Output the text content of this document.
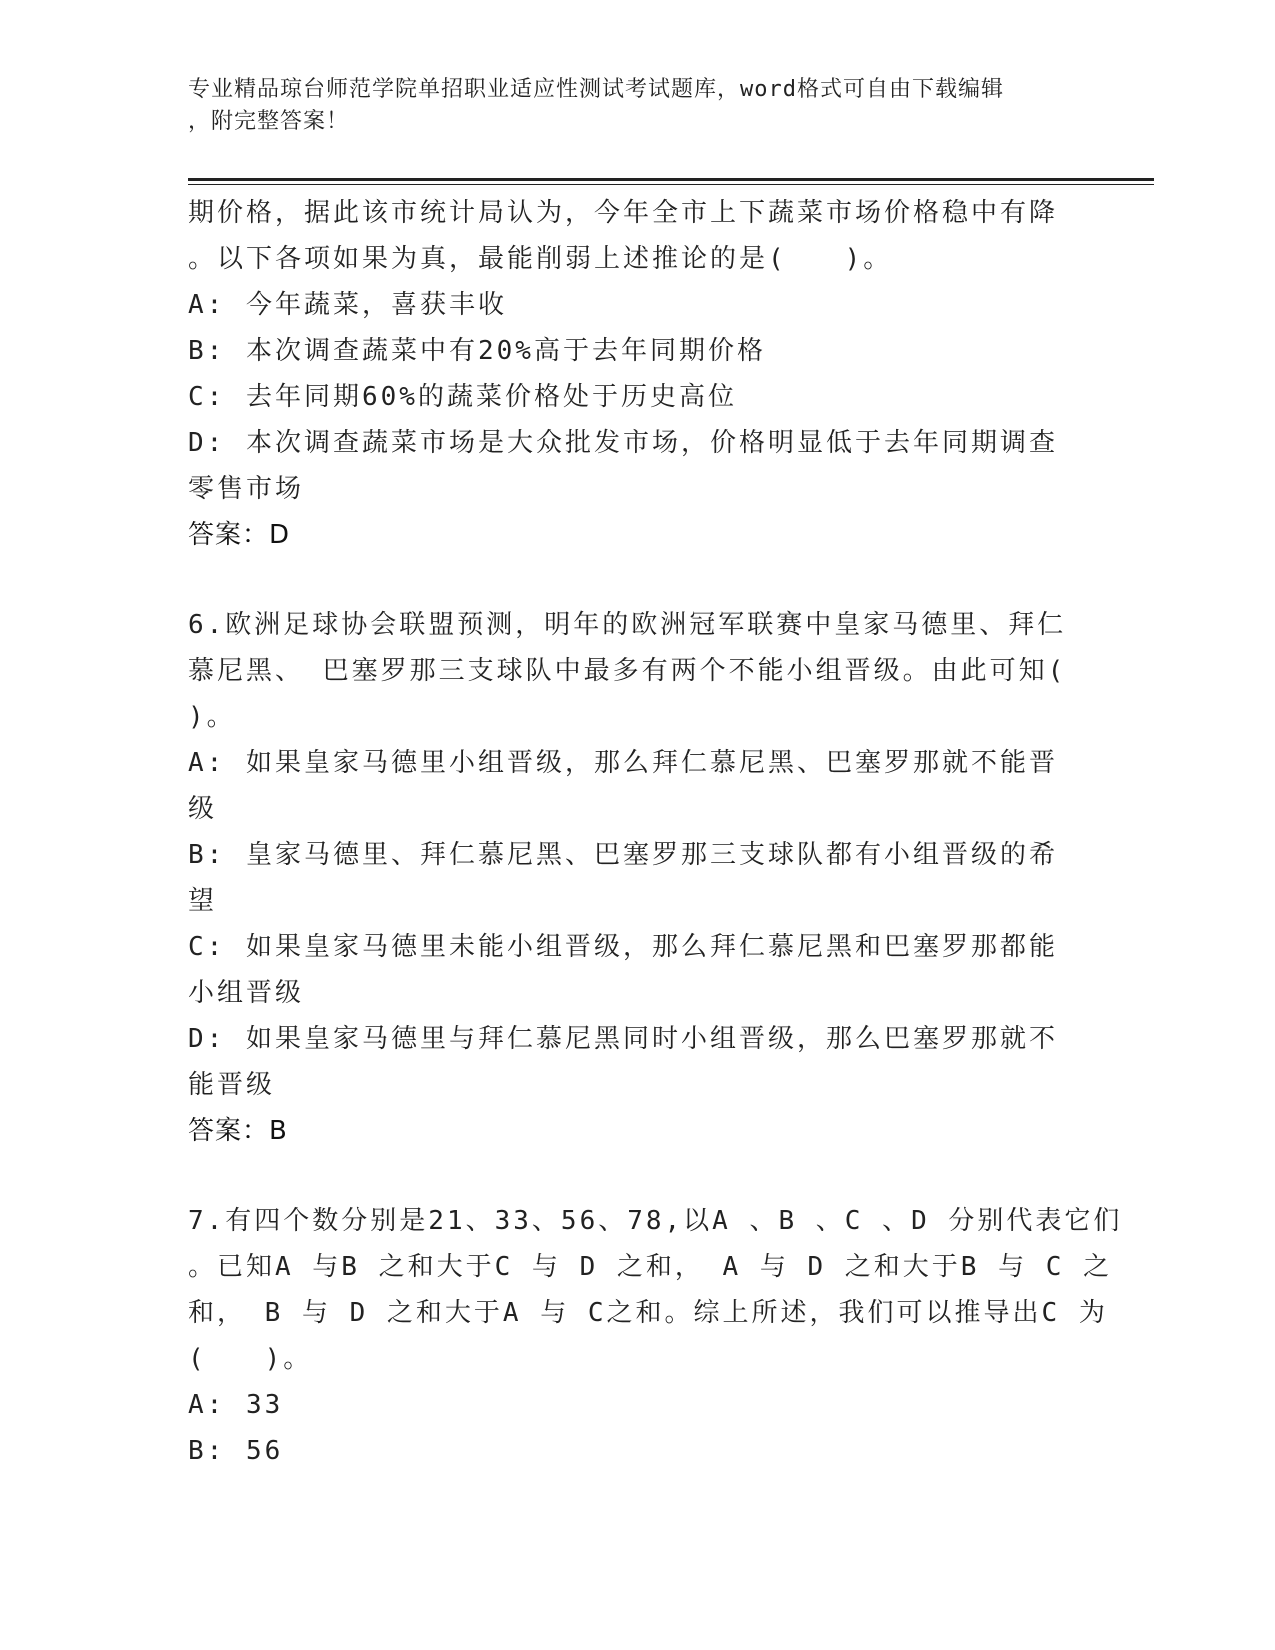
专业精品琼台师范学院单招职业适应性测试考试题库，word格式可自由下载编辑
，附完整答案！
期价格，据此该市统计局认为，今年全市上下蔬菜市场价格稳中有降
。以下各项如果为真，最能削弱上述推论的是(　　)。
A: 今年蔬菜，喜获丰收
B: 本次调查蔬菜中有20%高于去年同期价格
C: 去年同期60%的蔬菜价格处于历史高位
D: 本次调查蔬菜市场是大众批发市场，价格明显低于去年同期调查
零售市场
答案：D
6.欧洲足球协会联盟预测，明年的欧洲冠军联赛中皇家马德里、拜仁
慕尼黑、 巴塞罗那三支球队中最多有两个不能小组晋级。由此可知(
)。
A: 如果皇家马德里小组晋级，那么拜仁慕尼黑、巴塞罗那就不能晋
级
B: 皇家马德里、拜仁慕尼黑、巴塞罗那三支球队都有小组晋级的希
望
C: 如果皇家马德里未能小组晋级，那么拜仁慕尼黑和巴塞罗那都能
小组晋级
D: 如果皇家马德里与拜仁慕尼黑同时小组晋级，那么巴塞罗那就不
能晋级
答案：B
7.有四个数分别是21、33、56、78,以A 、B 、C 、D 分别代表它们
。已知A 与B 之和大于C 与 D 之和， A 与 D 之和大于B 与 C 之
和， B 与 D 之和大于A 与 C之和。综上所述，我们可以推导出C 为
(　　)。
A: 33
B: 56
